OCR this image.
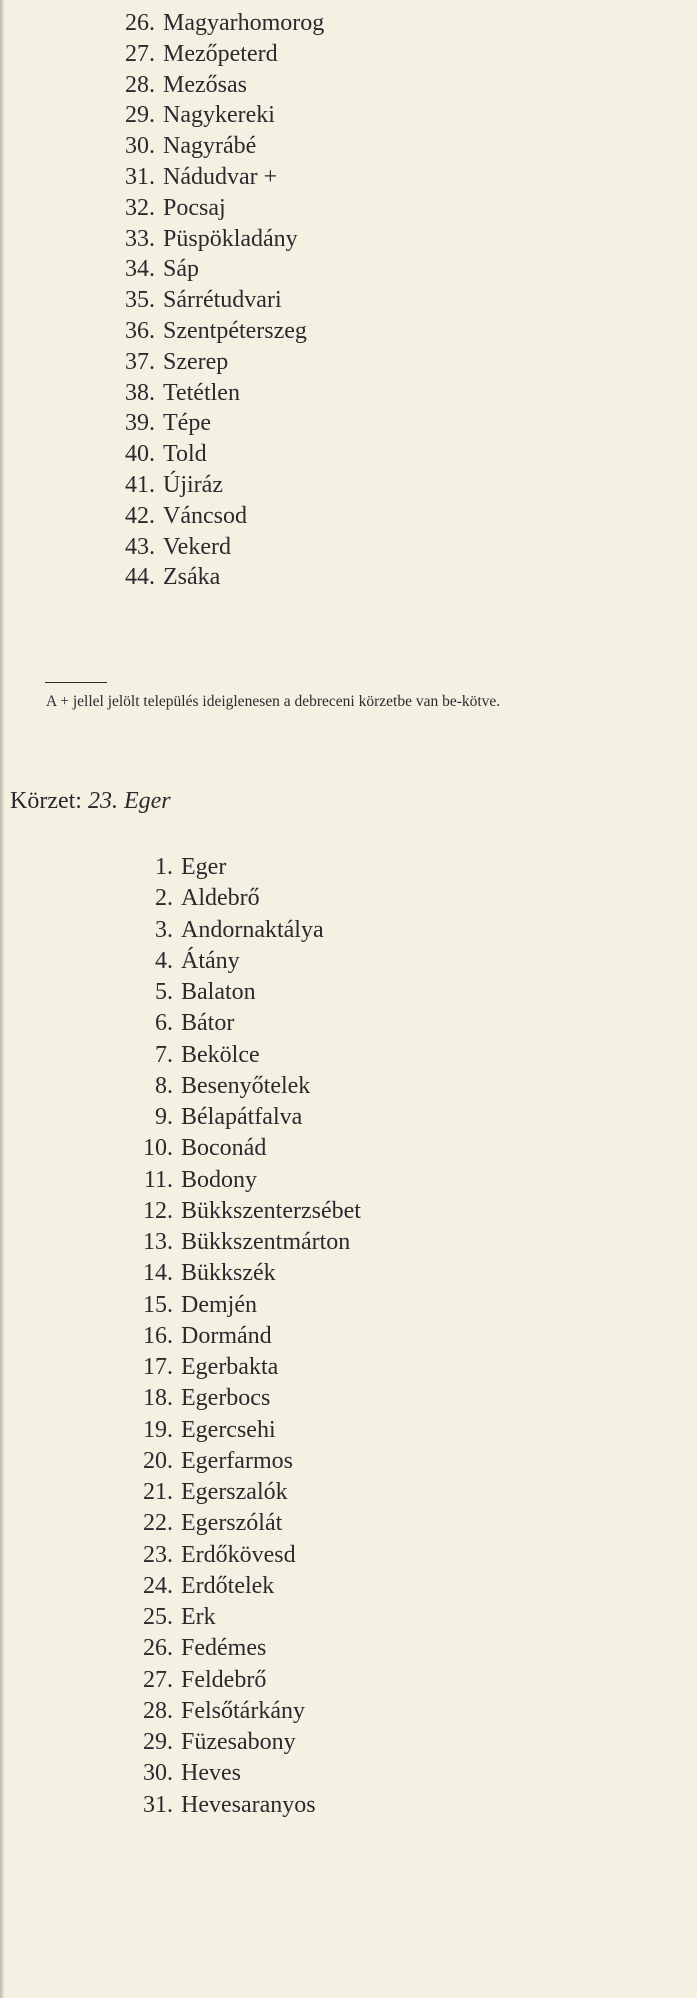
26. Magyarhomorog
27. Mezőpeterd
28. Mezősas
29. Nagykereki
30. Nagyrábé
31. Nádudvar +
32. Pocsaj
33. Püspökladány
34. Sáp
35. Sárrétudvari
36. Szentpéterszeg
37. Szerep
38. Tetétlen
39. Tépe
40. Told
41. Újiráz
42. Váncsod
43. Vekerd
44. Zsáka

A + jellel jelölt település ideiglenesen a debreceni körzetbe van be-kötve.

Körzet: 23. Eger
1. Eger
2. Aldebrő
3. Andornaktálya
4. Átány
5. Balaton
6. Bátor
7. Bekölce
8. Besenyőtelek
9. Bélapátfalva
10. Boconád
11. Bodony
12. Bükkszenterzsébet
13. Bükkszentmárton
14. Bükkszék
15. Demjén
16. Dormánd
17. Egerbakta
18. Egerbocs
19. Egercsehi
20. Egerfarmos
21. Egerszalók
22. Egerszólát
23. Erdőkövesd
24. Erdőtelek
25. Erk
26. Fedémes
27. Feldebrő
28. Felsőtárkány
29. Füzesabony
30. Heves
31. Hevesaranyos
